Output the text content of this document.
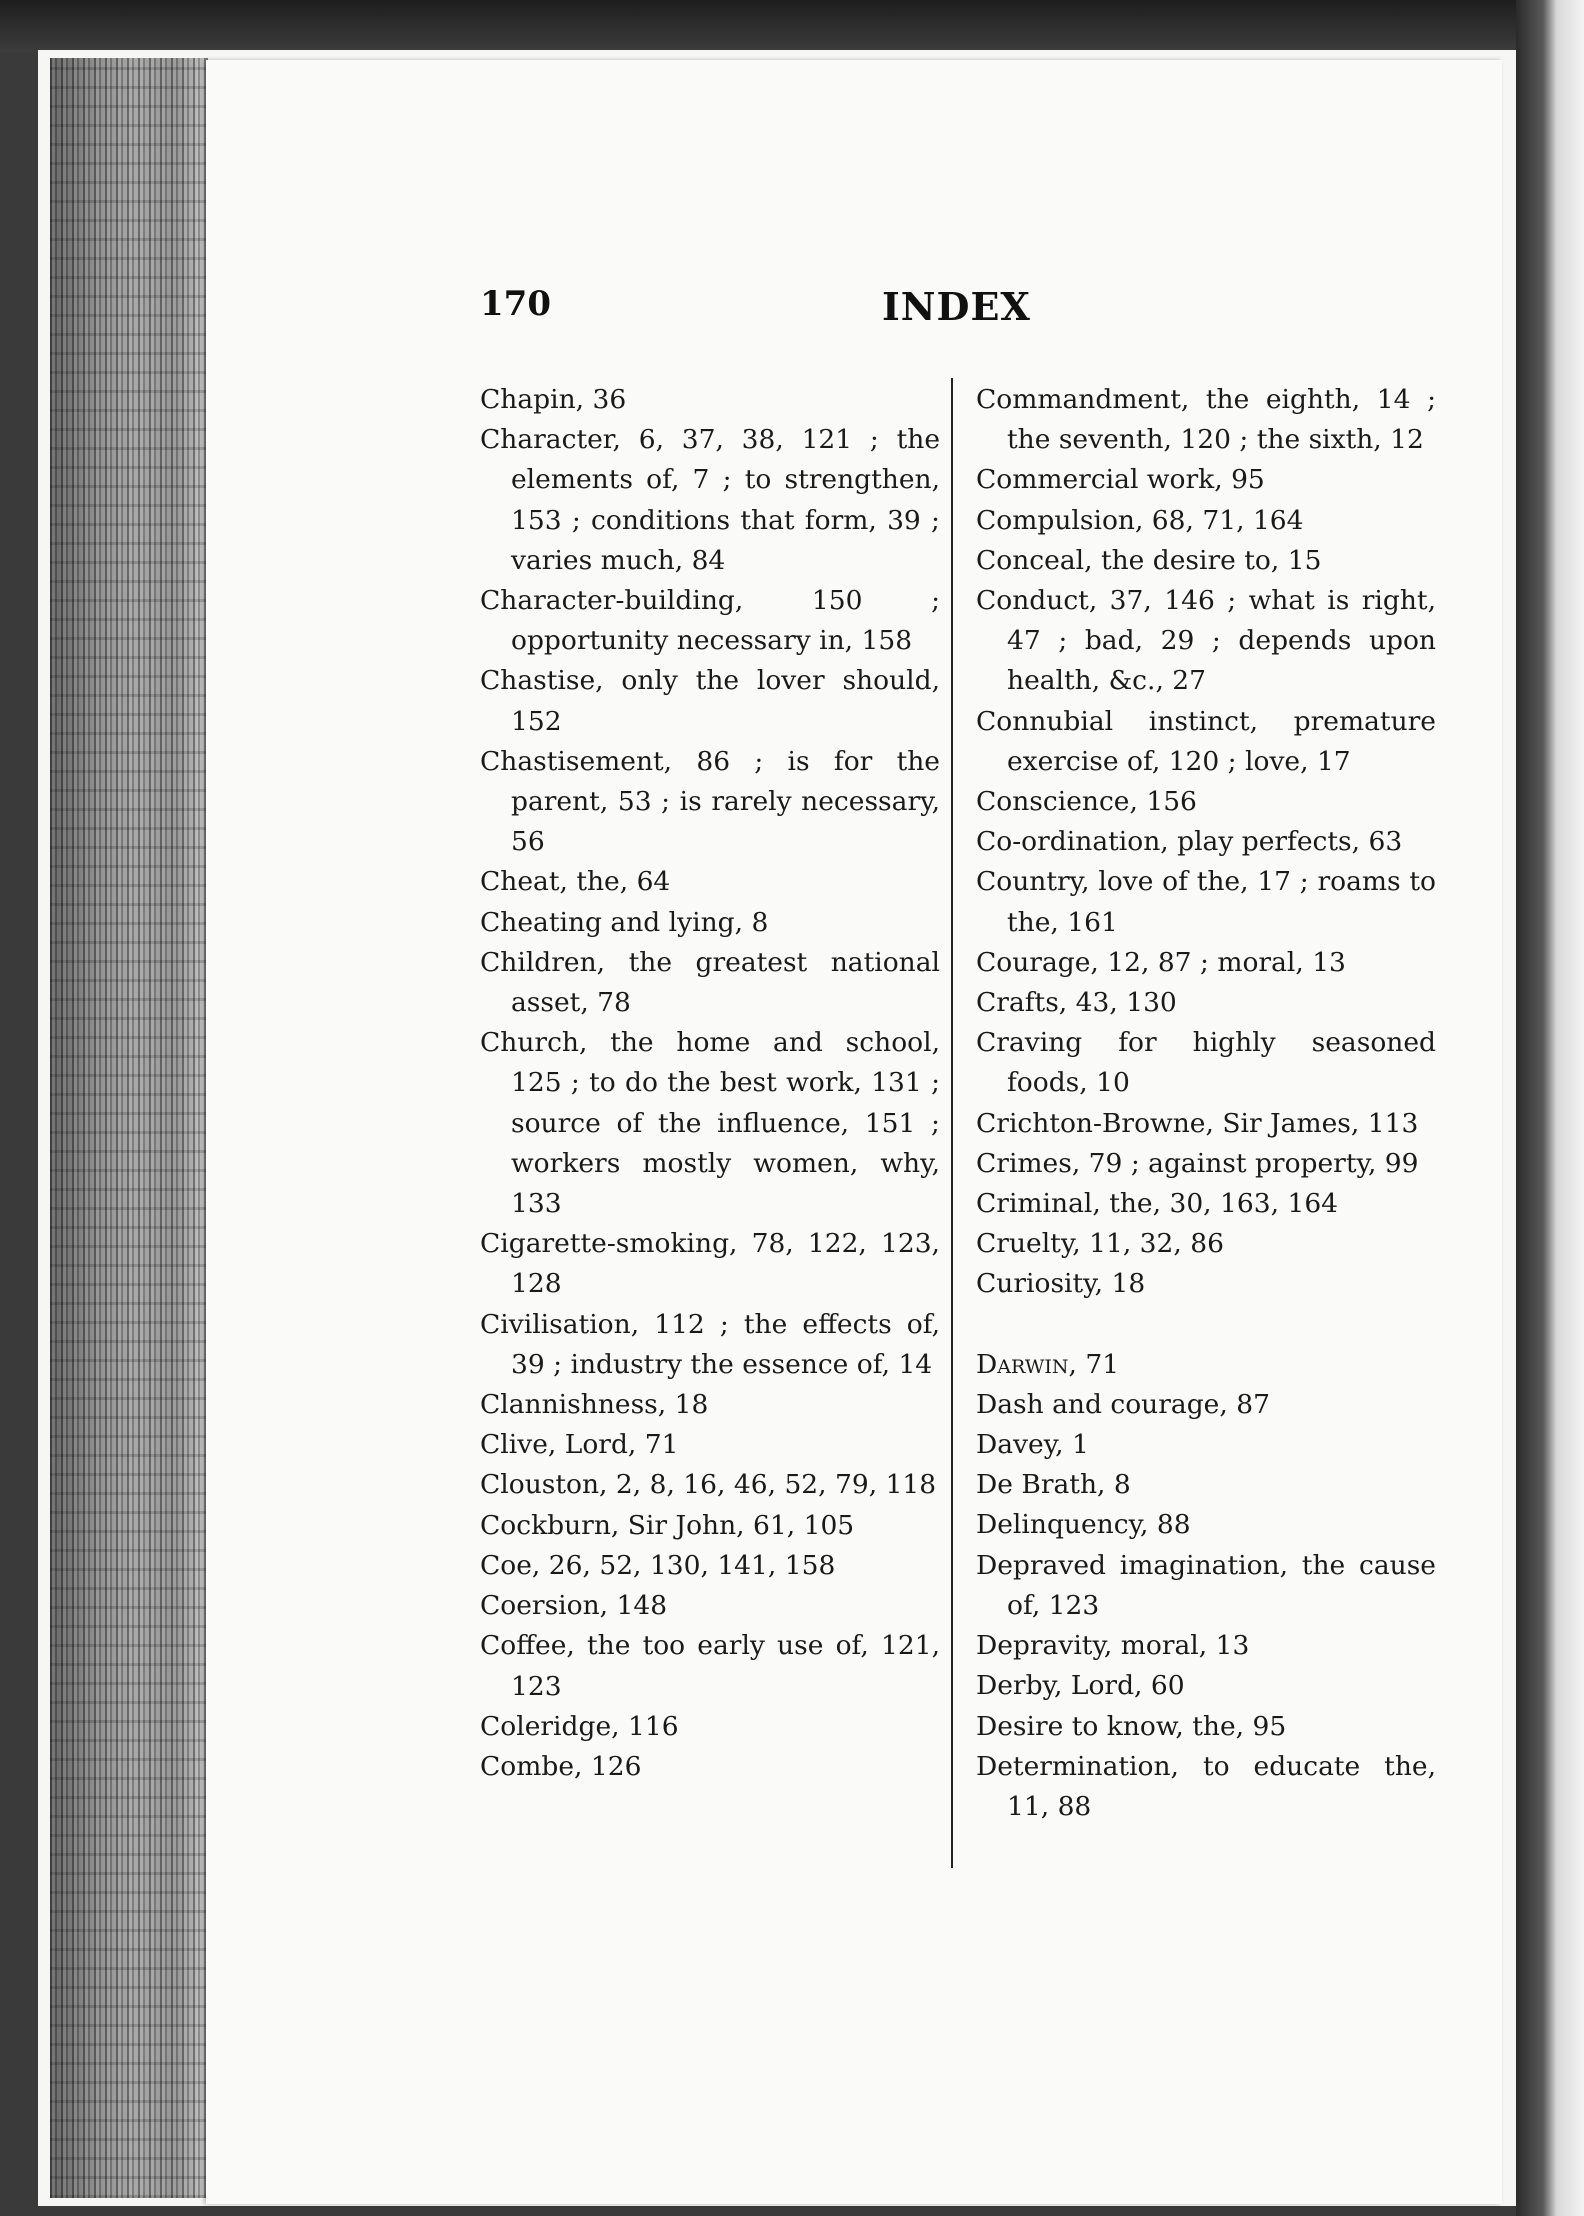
170	INDEX
Chapin, 36
Character, 6, 37, 38, 121 ; the elements of, 7 ; to strengthen, 153 ; conditions that form, 39 ; varies much, 84
Character-building, 150 ; opportunity necessary in, 158
Chastise, only the lover should, 152
Chastisement, 86 ; is for the parent, 53 ; is rarely necessary, 56
Cheat, the, 64
Cheating and lying, 8
Children, the greatest national asset, 78
Church, the home and school, 125 ; to do the best work, 131 ; source of the influence, 151 ; workers mostly women, why, 133
Cigarette-smoking, 78, 122, 123, 128
Civilisation, 112 ; the effects of, 39 ; industry the essence of, 14
Clannishness, 18
Clive, Lord, 71
Clouston, 2, 8, 16, 46, 52, 79, 118
Cockburn, Sir John, 61, 105
Coe, 26, 52, 130, 141, 158
Coersion, 148
Coffee, the too early use of, 121, 123
Coleridge, 116
Combe, 126
Commandment, the eighth, 14 ; the seventh, 120 ; the sixth, 12
Commercial work, 95
Compulsion, 68, 71, 164
Conceal, the desire to, 15
Conduct, 37, 146 ; what is right, 47 ; bad, 29 ; depends upon health, &c., 27
Connubial instinct, premature exercise of, 120 ; love, 17
Conscience, 156
Co-ordination, play perfects, 63
Country, love of the, 17 ; roams to the, 161
Courage, 12, 87 ; moral, 13
Crafts, 43, 130
Craving for highly seasoned foods, 10
Crichton-Browne, Sir James, 113
Crimes, 79 ; against property, 99
Criminal, the, 30, 163, 164
Cruelty, 11, 32, 86
Curiosity, 18
Darwin, 71
Dash and courage, 87
Davey, 1
De Brath, 8
Delinquency, 88
Depraved imagination, the cause of, 123
Depravity, moral, 13
Derby, Lord, 60
Desire to know, the, 95
Determination, to educate the, 11, 88
